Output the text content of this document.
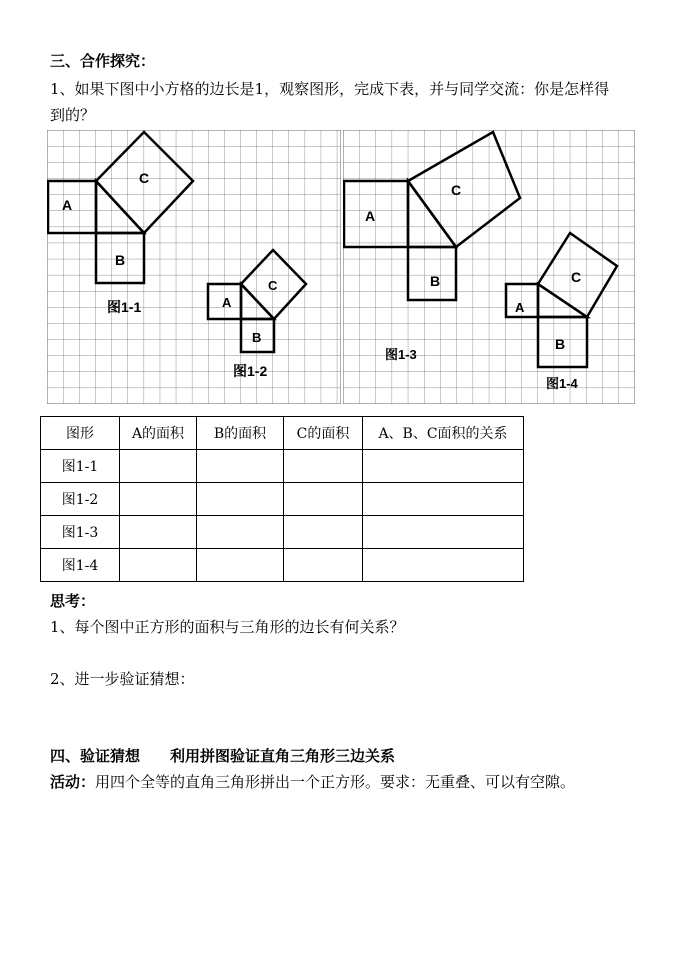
三、合作探究：
1、如果下图中小方格的边长是1，观察图形，完成下表，并与同学交流：你是怎样得
到的？
A
B
C
图1-1	A
B
C
图1-2
A
B
C
图1-3
A
B
C
图1-4
图形	A的面积	B的面积	C的面积	A、B、C面积的关系
图1-1				
图1-2				
图1-3				
图1-4				
思考：
1、每个图中正方形的面积与三角形的边长有何关系？
2、进一步验证猜想：
四、验证猜想　　利用拼图验证直角三角形三边关系
活动：用四个全等的直角三角形拼出一个正方形。要求：无重叠、可以有空隙。
